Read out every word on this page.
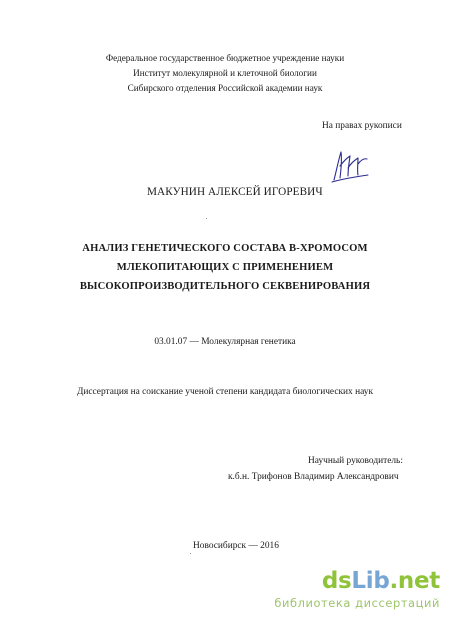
Федеральное государственное бюджетное учреждение науки
Институт молекулярной и клеточной биологии
Сибирского отделения Российской академии наук
На правах рукописи
МАКУНИН АЛЕКСЕЙ ИГОРЕВИЧ
АНАЛИЗ ГЕНЕТИЧЕСКОГО СОСТАВА В-ХРОМОСОМ
МЛЕКОПИТАЮЩИХ С ПРИМЕНЕНИЕМ
ВЫСОКОПРОИЗВОДИТЕЛЬНОГО СЕКВЕНИРОВАНИЯ
03.01.07 — Молекулярная генетика
Диссертация на соискание ученой степени кандидата биологических наук
Научный руководитель:
к.б.н. Трифонов Владимир Александрович
Новосибирск — 2016
dsLib.net
библиотека диссертаций
